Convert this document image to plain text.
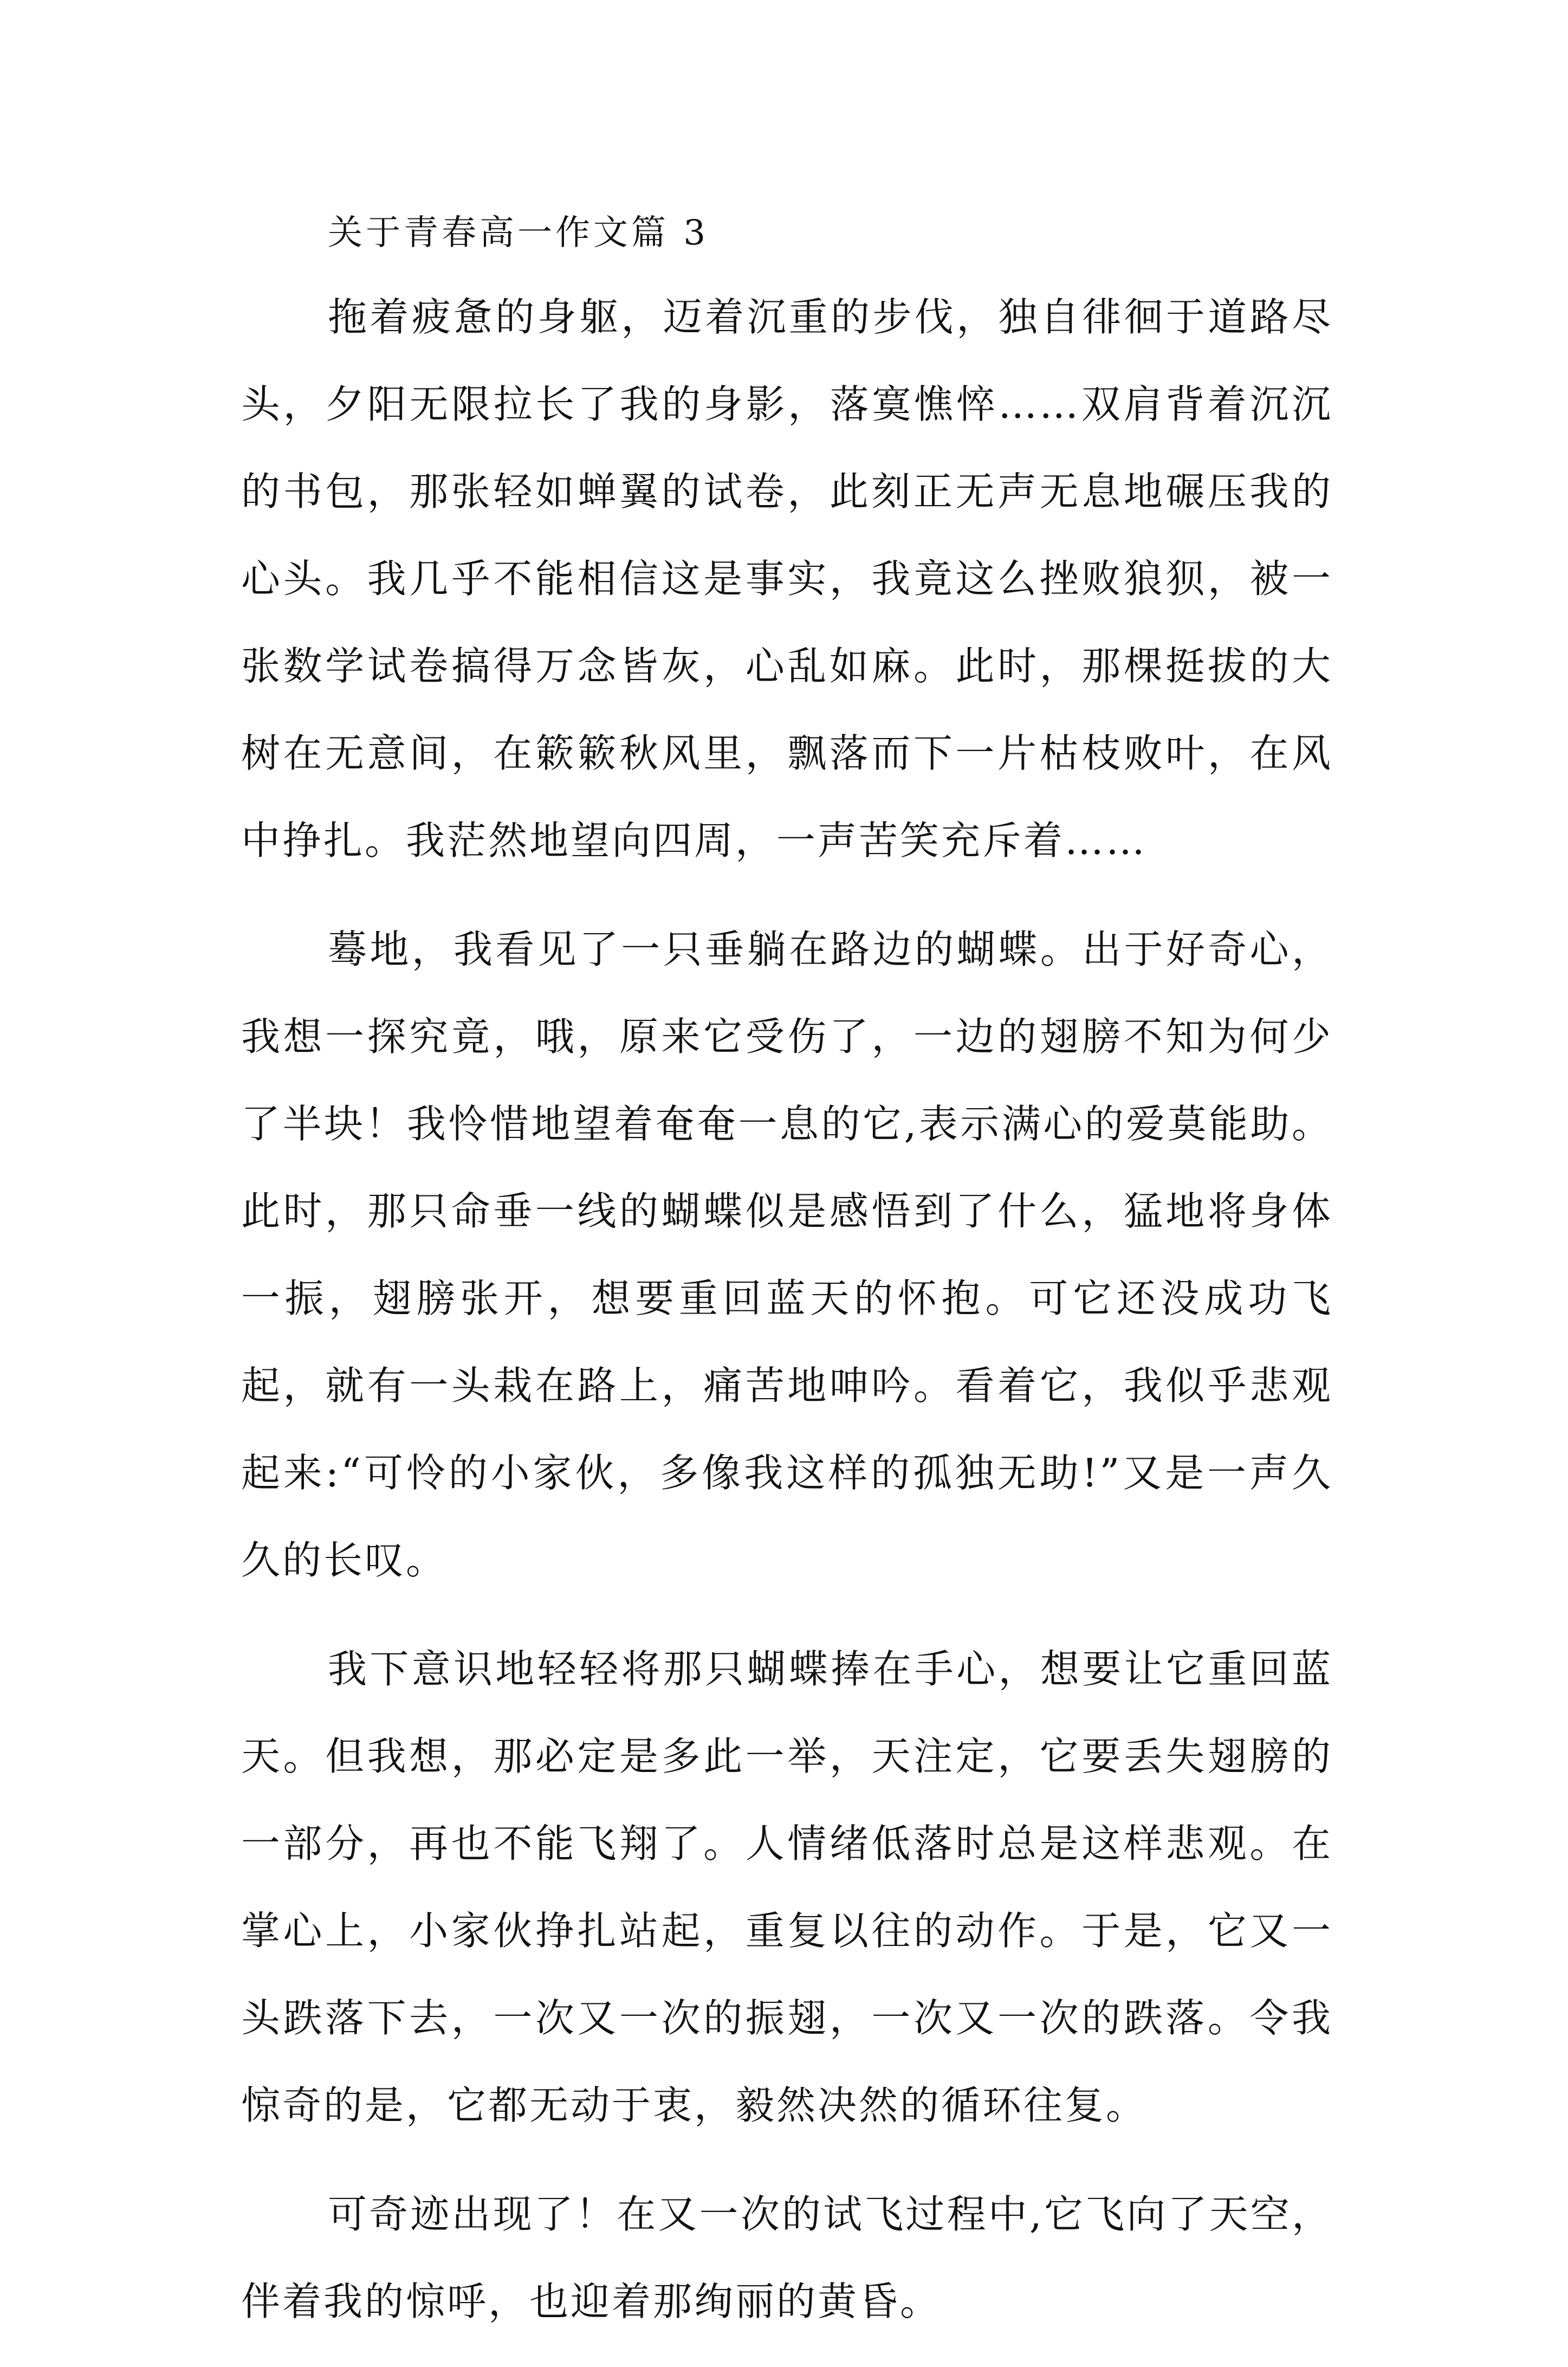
关于青春高一作文篇 3

拖着疲惫的身躯，迈着沉重的步伐，独自徘徊于道路尽头，夕阳无限拉长了我的身影，落寞憔悴……双肩背着沉沉的书包，那张轻如蝉翼的试卷，此刻正无声无息地碾压我的心头。我几乎不能相信这是事实，我竟这么挫败狼狈，被一张数学试卷搞得万念皆灰，心乱如麻。此时，那棵挺拔的大树在无意间，在簌簌秋风里，飘落而下一片枯枝败叶，在风中挣扎。我茫然地望向四周，一声苦笑充斥着……

蓦地，我看见了一只垂躺在路边的蝴蝶。出于好奇心，我想一探究竟，哦，原来它受伤了，一边的翅膀不知为何少了半块！我怜惜地望着奄奄一息的它,表示满心的爱莫能助。此时，那只命垂一线的蝴蝶似是感悟到了什么，猛地将身体一振，翅膀张开，想要重回蓝天的怀抱。可它还没成功飞起，就有一头栽在路上，痛苦地呻吟。看着它，我似乎悲观起来:“可怜的小家伙，多像我这样的孤独无助!”又是一声久久的长叹。

我下意识地轻轻将那只蝴蝶捧在手心，想要让它重回蓝天。但我想，那必定是多此一举，天注定，它要丢失翅膀的一部分，再也不能飞翔了。人情绪低落时总是这样悲观。在掌心上，小家伙挣扎站起，重复以往的动作。于是，它又一头跌落下去，一次又一次的振翅，一次又一次的跌落。令我惊奇的是，它都无动于衷，毅然决然的循环往复。

可奇迹出现了！在又一次的试飞过程中,它飞向了天空，伴着我的惊呼，也迎着那绚丽的黄昏。
